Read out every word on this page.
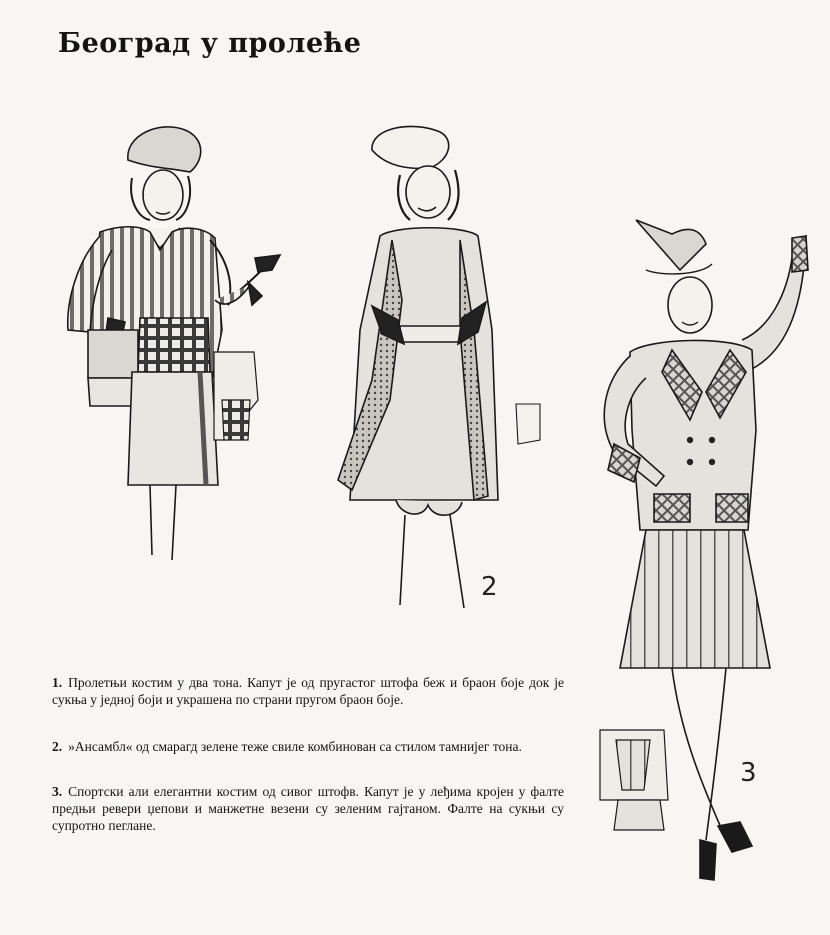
Београд у пролеће
2
3
1. Пролетњи костим у два тона. Капут је од пругастог штофа беж и браон боје док је сукња у једној боји и украшена по страни пругом браон боје.
2. »Ансамбл« од смарагд зелене теже свиле комбинован са стилом тамнијег тона.
3. Спортски али елегантни костим од сивог штофв. Капут је у леђима кројен у фалте предњи ревери џепови и манжетне везени су зеленим гајтаном. Фалте на сукњи су супротно пеглане.
